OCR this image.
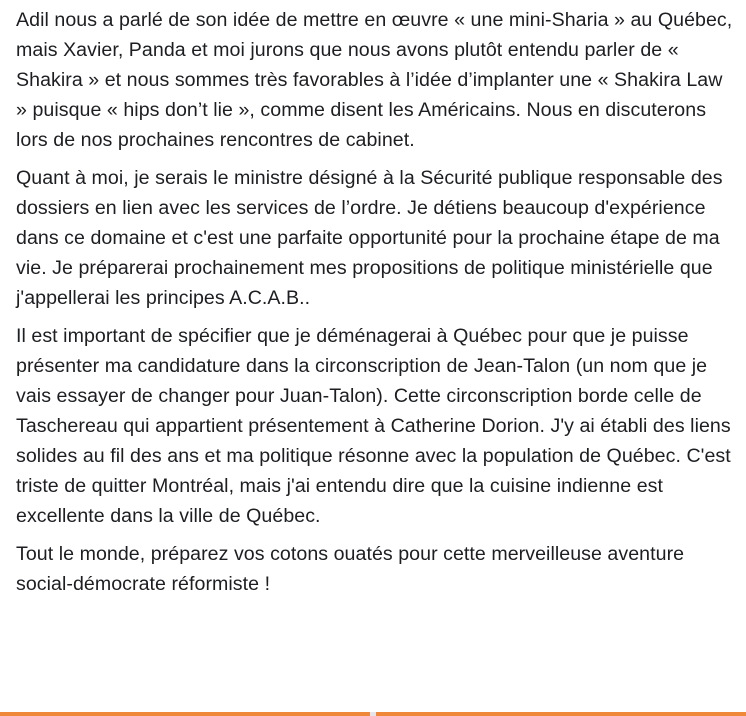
Adil nous a parlé de son idée de mettre en œuvre « une mini-Sharia » au Québec, mais Xavier, Panda et moi jurons que nous avons plutôt entendu parler de « Shakira » et nous sommes très favorables à l’idée d’implanter une « Shakira Law » puisque « hips don’t lie », comme disent les Américains. Nous en discuterons lors de nos prochaines rencontres de cabinet.

Quant à moi, je serais le ministre désigné à la Sécurité publique responsable des dossiers en lien avec les services de l’ordre. Je détiens beaucoup d'expérience dans ce domaine et c'est une parfaite opportunité pour la prochaine étape de ma vie. Je préparerai prochainement mes propositions de politique ministérielle que j'appellerai les principes A.C.A.B..

Il est important de spécifier que je déménagerai à Québec pour que je puisse présenter ma candidature dans la circonscription de Jean-Talon (un nom que je vais essayer de changer pour Juan-Talon). Cette circonscription borde celle de Taschereau qui appartient présentement à Catherine Dorion. J'y ai établi des liens solides au fil des ans et ma politique résonne avec la population de Québec. C'est triste de quitter Montréal, mais j'ai entendu dire que la cuisine indienne est excellente dans la ville de Québec.

Tout le monde, préparez vos cotons ouatés pour cette merveilleuse aventure social-démocrate réformiste !
